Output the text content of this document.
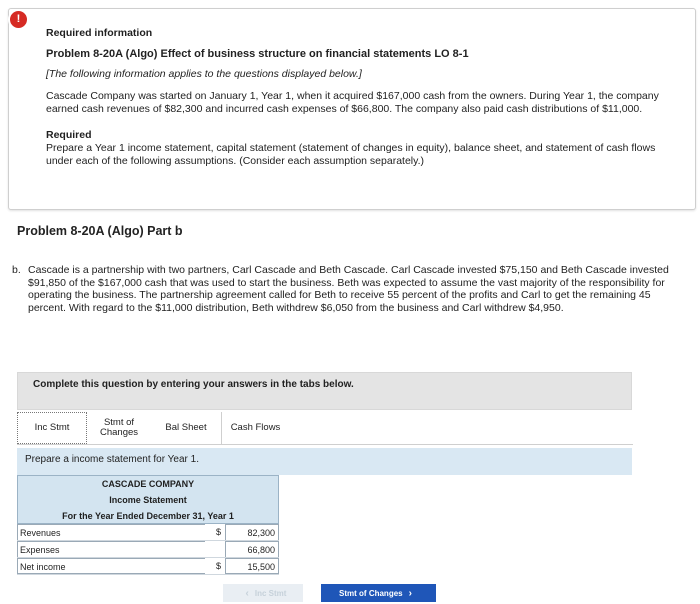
!

Required information

Problem 8-20A (Algo) Effect of business structure on financial statements LO 8-1

[The following information applies to the questions displayed below.]

Cascade Company was started on January 1, Year 1, when it acquired $167,000 cash from the owners. During Year 1, the company earned cash revenues of $82,300 and incurred cash expenses of $66,800. The company also paid cash distributions of $11,000.

Required

Prepare a Year 1 income statement, capital statement (statement of changes in equity), balance sheet, and statement of cash flows under each of the following assumptions. (Consider each assumption separately.)

Problem 8-20A (Algo) Part b
b. Cascade is a partnership with two partners, Carl Cascade and Beth Cascade. Carl Cascade invested $75,150 and Beth Cascade invested $91,850 of the $167,000 cash that was used to start the business. Beth was expected to assume the vast majority of the responsibility for operating the business. The partnership agreement called for Beth to receive 55 percent of the profits and Carl to get the remaining 45 percent. With regard to the $11,000 distribution, Beth withdrew $6,050 from the business and Carl withdrew $4,950.
Complete this question by entering your answers in the tabs below.
Inc Stmt	Stmt of Changes	Bal Sheet	Cash Flows
Prepare a income statement for Year 1.
CASCADE COMPANY
Income Statement
For the Year Ended December 31, Year 1
Revenues	$	82,300
Expenses	66,800
Net income	$	15,500
‹ Inc Stmt	Stmt of Changes ›
